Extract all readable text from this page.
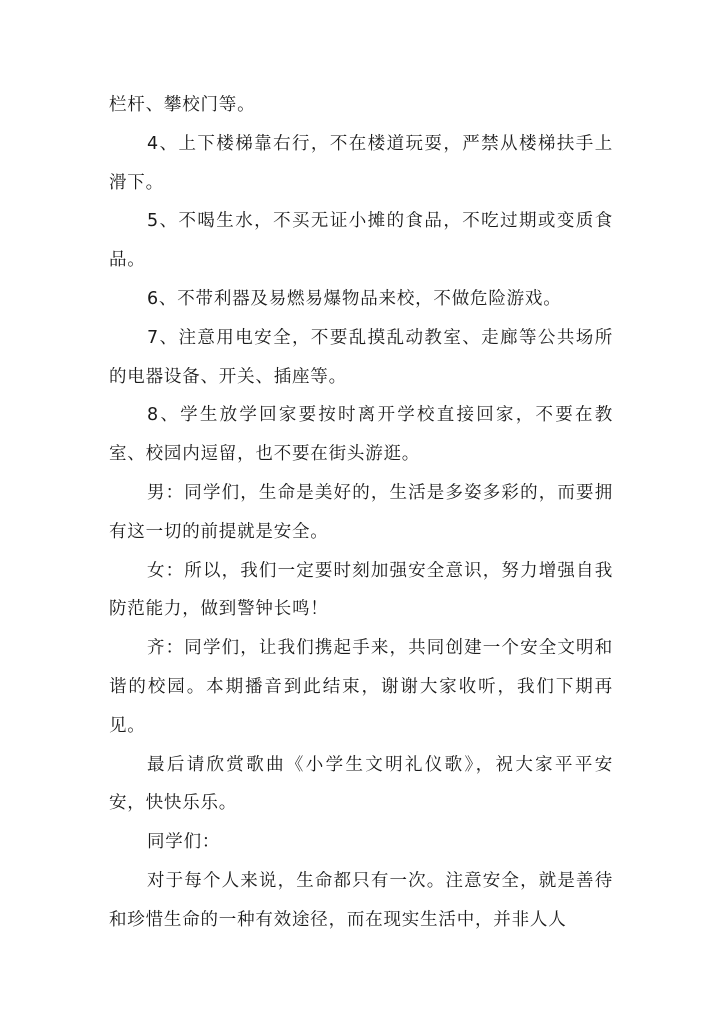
栏杆、攀校门等。

4、上下楼梯靠右行，不在楼道玩耍，严禁从楼梯扶手上滑下。

5、不喝生水，不买无证小摊的食品，不吃过期或变质食品。

6、不带利器及易燃易爆物品来校，不做危险游戏。

7、注意用电安全，不要乱摸乱动教室、走廊等公共场所的电器设备、开关、插座等。

8、学生放学回家要按时离开学校直接回家，不要在教室、校园内逗留，也不要在街头游逛。

男：同学们，生命是美好的，生活是多姿多彩的，而要拥有这一切的前提就是安全。

女：所以，我们一定要时刻加强安全意识，努力增强自我防范能力，做到警钟长鸣！

齐：同学们，让我们携起手来，共同创建一个安全文明和谐的校园。本期播音到此结束，谢谢大家收听，我们下期再见。

最后请欣赏歌曲《小学生文明礼仪歌》，祝大家平平安安，快快乐乐。

同学们：

对于每个人来说，生命都只有一次。注意安全，就是善待和珍惜生命的一种有效途径，而在现实生活中，并非人人
